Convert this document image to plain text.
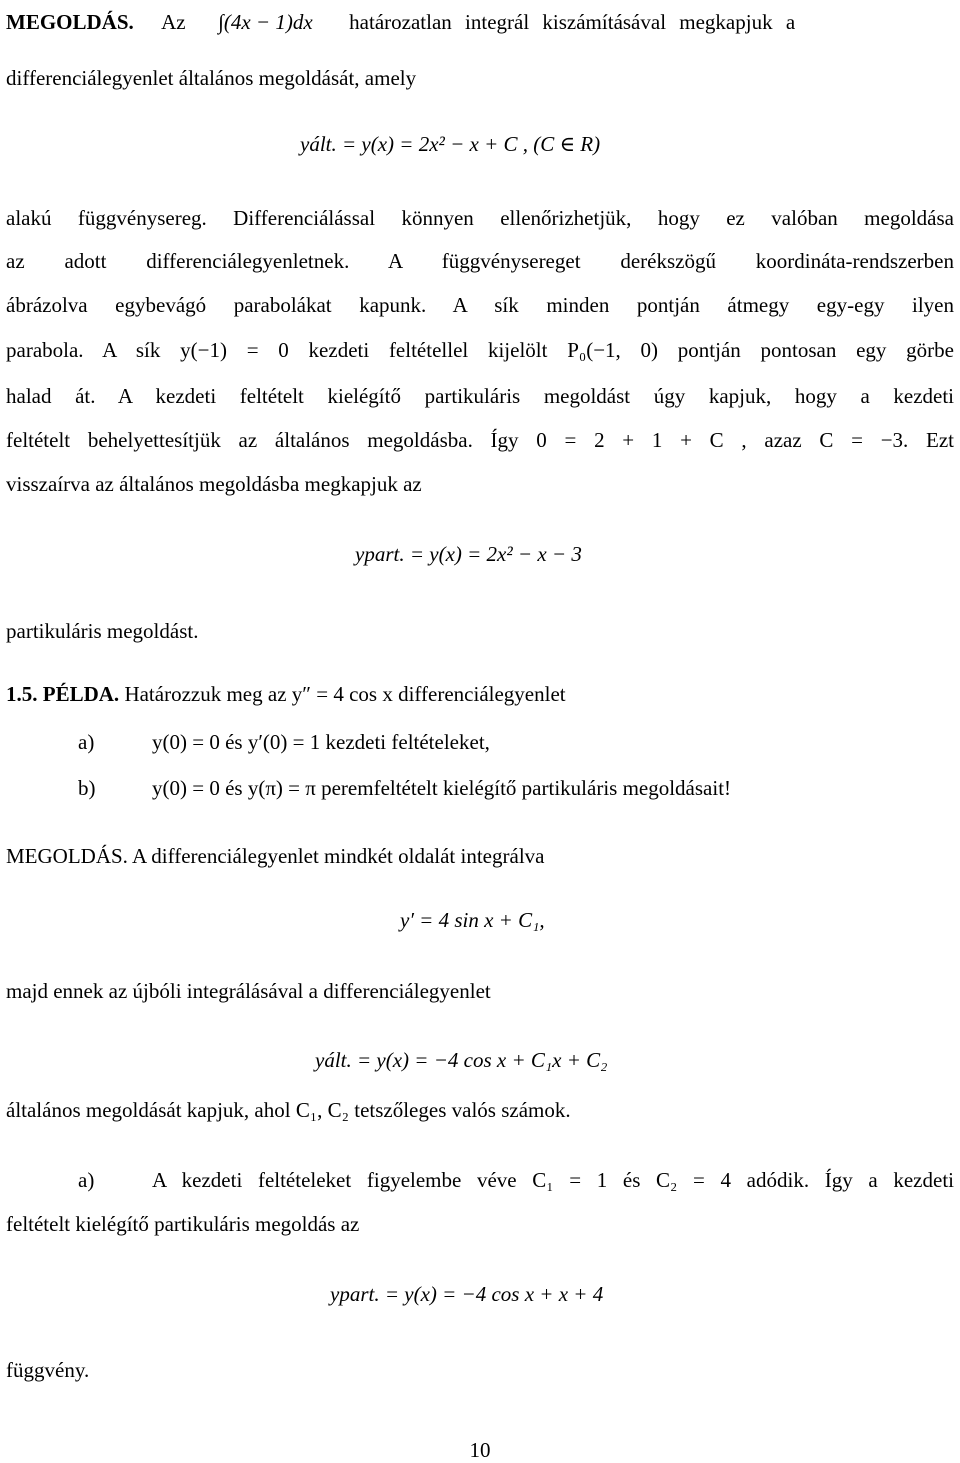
MEGOLDÁS. Az ∫(4x − 1)dx határozatlan integrál kiszámításával megkapjuk a
differenciálegyenlet általános megoldását, amely
yált. = y(x) = 2x² − x + C , (C ∈ R)
alakú függvénysereg. Differenciálással könnyen ellenőrizhetjük, hogy ez valóban megoldása
az adott differenciálegyenletnek. A függvénysereget derékszögű koordináta-rendszerben
ábrázolva egybevágó parabolákat kapunk. A sík minden pontján átmegy egy-egy ilyen
parabola. A sík y(−1) = 0 kezdeti feltétellel kijelölt P₀(−1, 0) pontján pontosan egy görbe
halad át. A kezdeti feltételt kielégítő partikuláris megoldást úgy kapjuk, hogy a kezdeti
feltételt behelyettesítjük az általános megoldásba. Így 0 = 2 + 1 + C , azaz C = −3. Ezt
visszaírva az általános megoldásba megkapjuk az
ypart. = y(x) = 2x² − x − 3
partikuláris megoldást.
1.5. PÉLDA. Határozzuk meg az y″ = 4 cos x differenciálegyenlet
a)	y(0) = 0 és y′(0) = 1 kezdeti feltételeket,
b)	y(0) = 0 és y(π) = π peremfeltételt kielégítő partikuláris megoldásait!
MEGOLDÁS. A differenciálegyenlet mindkét oldalát integrálva
y′ = 4 sin x + C₁,
majd ennek az újbóli integrálásával a differenciálegyenlet
yált. = y(x) = −4 cos x + C₁x + C₂
általános megoldását kapjuk, ahol C₁, C₂ tetszőleges valós számok.
a)	A kezdeti feltételeket figyelembe véve C₁ = 1 és C₂ = 4 adódik. Így a kezdeti
feltételt kielégítő partikuláris megoldás az
ypart. = y(x) = −4 cos x + x + 4
függvény.
10
